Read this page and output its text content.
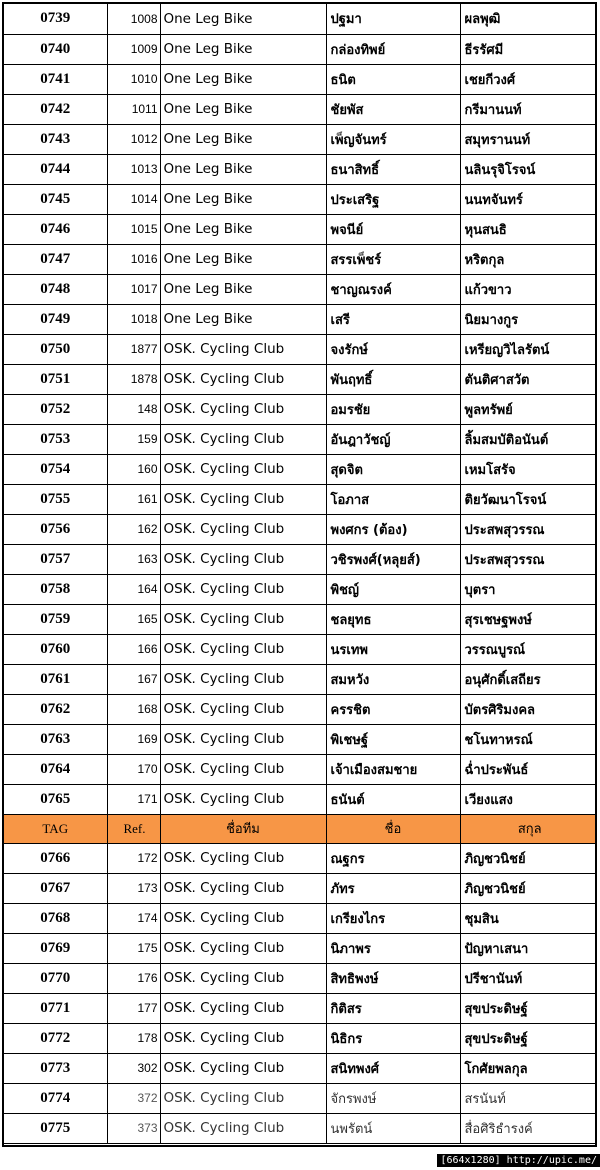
0739	1008	One Leg Bike	ปฐมา	ผลพุฒิ
0740	1009	One Leg Bike	กล่องทิพย์	ธีรรัศมี
0741	1010	One Leg Bike	ธนิต	เชยกีวงศ์
0742	1011	One Leg Bike	ชัยพัส	กรีมานนท์
0743	1012	One Leg Bike	เพ็ญจันทร์	สมุทรานนท์
0744	1013	One Leg Bike	ธนาสิทธิ์	นลินรุจิโรจน์
0745	1014	One Leg Bike	ประเสริฐ	นนทจันทร์
0746	1015	One Leg Bike	พจนีย์	หุนสนธิ
0747	1016	One Leg Bike	สรรเพ็ชร์	หริตกุล
0748	1017	One Leg Bike	ชาญณรงค์	แก้วขาว
0749	1018	One Leg Bike	เสรี	นิยมางกูร
0750	1877	OSK. Cycling Club	จงรักษ์	เหรียญวิไลรัตน์
0751	1878	OSK. Cycling Club	พันฤทธิ์	ตันติศาสวัต
0752	148	OSK. Cycling Club	อมรชัย	พูลทรัพย์
0753	159	OSK. Cycling Club	อันฎาวัชญ์	ลิ้มสมบัติอนันต์
0754	160	OSK. Cycling Club	สุดจิต	เหมโสรัจ
0755	161	OSK. Cycling Club	โอภาส	ติยวัฒนาโรจน์
0756	162	OSK. Cycling Club	พงศกร (ต้อง)	ประสพสุวรรณ
0757	163	OSK. Cycling Club	วชิรพงศ์(หลุยส์)	ประสพสุวรรณ
0758	164	OSK. Cycling Club	พิชญ์	บุตรา
0759	165	OSK. Cycling Club	ชลยุทธ	สุรเชษฐพงษ์
0760	166	OSK. Cycling Club	นรเทพ	วรรณบูรณ์
0761	167	OSK. Cycling Club	สมหวัง	อนุศักดิ์เสถียร
0762	168	OSK. Cycling Club	ครรชิต	บัตรศิริมงคล
0763	169	OSK. Cycling Club	พิเชษฐ์	ชโนทาหรณ์
0764	170	OSK. Cycling Club	เจ้าเมืองสมชาย	ฉ่ำประพันธ์
0765	171	OSK. Cycling Club	ธนันต์	เวียงแสง
TAG	Ref.	ชื่อทีม	ชื่อ	สกุล
0766	172	OSK. Cycling Club	ณฐกร	ภิญชวนิชย์
0767	173	OSK. Cycling Club	ภัทร	ภิญชวนิชย์
0768	174	OSK. Cycling Club	เกรียงไกร	ชุมสิน
0769	175	OSK. Cycling Club	นิภาพร	ปัญหาเสนา
0770	176	OSK. Cycling Club	สิทธิพงษ์	ปรีชานันท์
0771	177	OSK. Cycling Club	กิติสร	สุขประดิษฐ์
0772	178	OSK. Cycling Club	นิธิกร	สุขประดิษฐ์
0773	302	OSK. Cycling Club	สนิทพงศ์	โกศัยพลกุล
0774	372	OSK. Cycling Club	จักรพงษ์	สรนันท์
0775	373	OSK. Cycling Club	นพรัตน์	สื่อศิริธำรงค์
[664x1280] http://upic.me/
